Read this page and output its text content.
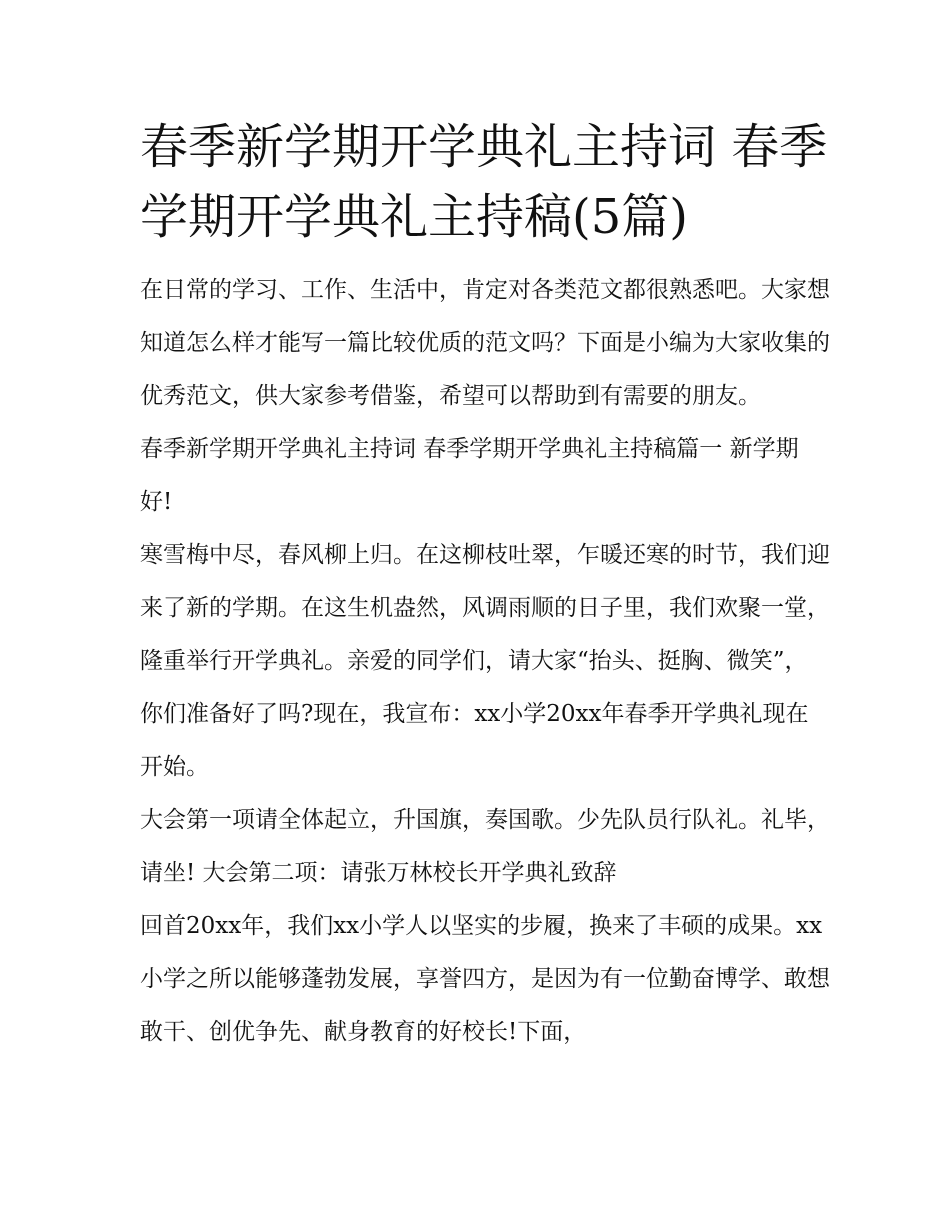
春季新学期开学典礼主持词 春季学期开学典礼主持稿(5篇)

在日常的学习、工作、生活中，肯定对各类范文都很熟悉吧。大家想知道怎么样才能写一篇比较优质的范文吗？下面是小编为大家收集的优秀范文，供大家参考借鉴，希望可以帮助到有需要的朋友。

春季新学期开学典礼主持词 春季学期开学典礼主持稿篇一 新学期好!

寒雪梅中尽，春风柳上归。在这柳枝吐翠，乍暖还寒的时节，我们迎来了新的学期。在这生机盎然，风调雨顺的日子里，我们欢聚一堂，隆重举行开学典礼。亲爱的同学们，请大家“抬头、挺胸、微笑”，你们准备好了吗?现在，我宣布：xx小学20xx年春季开学典礼现在开始。

大会第一项请全体起立，升国旗，奏国歌。少先队员行队礼。礼毕，请坐! 大会第二项：请张万林校长开学典礼致辞

回首20xx年，我们xx小学人以坚实的步履，换来了丰硕的成果。xx小学之所以能够蓬勃发展，享誉四方，是因为有一位勤奋博学、敢想敢干、创优争先、献身教育的好校长!下面，
